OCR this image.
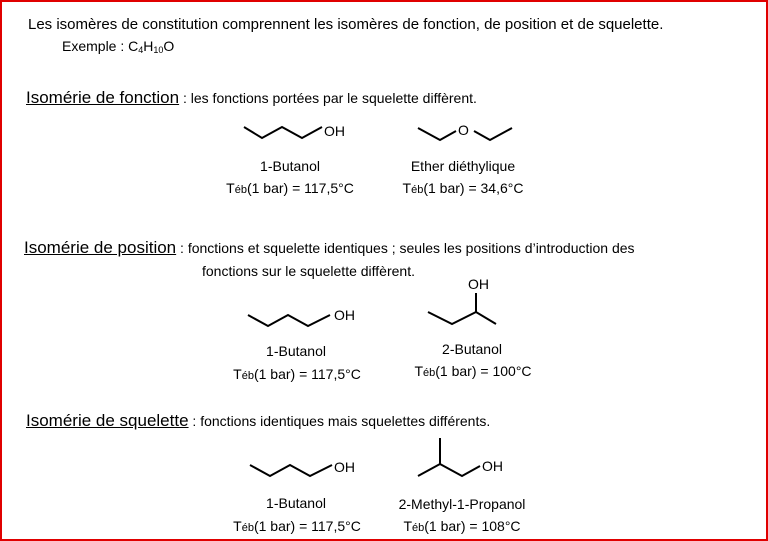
Les isomères de constitution comprennent les isomères de fonction, de position et de squelette.
Exemple : $C_4H_{10}O$
Isomérie de fonction : les fonctions portées par le squelette diffèrent.
OH
1-Butanol
Téb(1 bar) = 117,5°C
O
Ether diéthylique
Téb(1 bar) = 34,6°C
Isomérie de position : fonctions et squelette identiques ; seules les positions d’introduction des
fonctions sur le squelette diffèrent.
OH
1-Butanol
Téb(1 bar) = 117,5°C
OH
2-Butanol
Téb(1 bar) = 100°C
Isomérie de squelette : fonctions identiques mais squelettes différents.
OH
1-Butanol
Téb(1 bar) = 117,5°C
OH
2-Methyl-1-Propanol
Téb(1 bar) = 108°C
